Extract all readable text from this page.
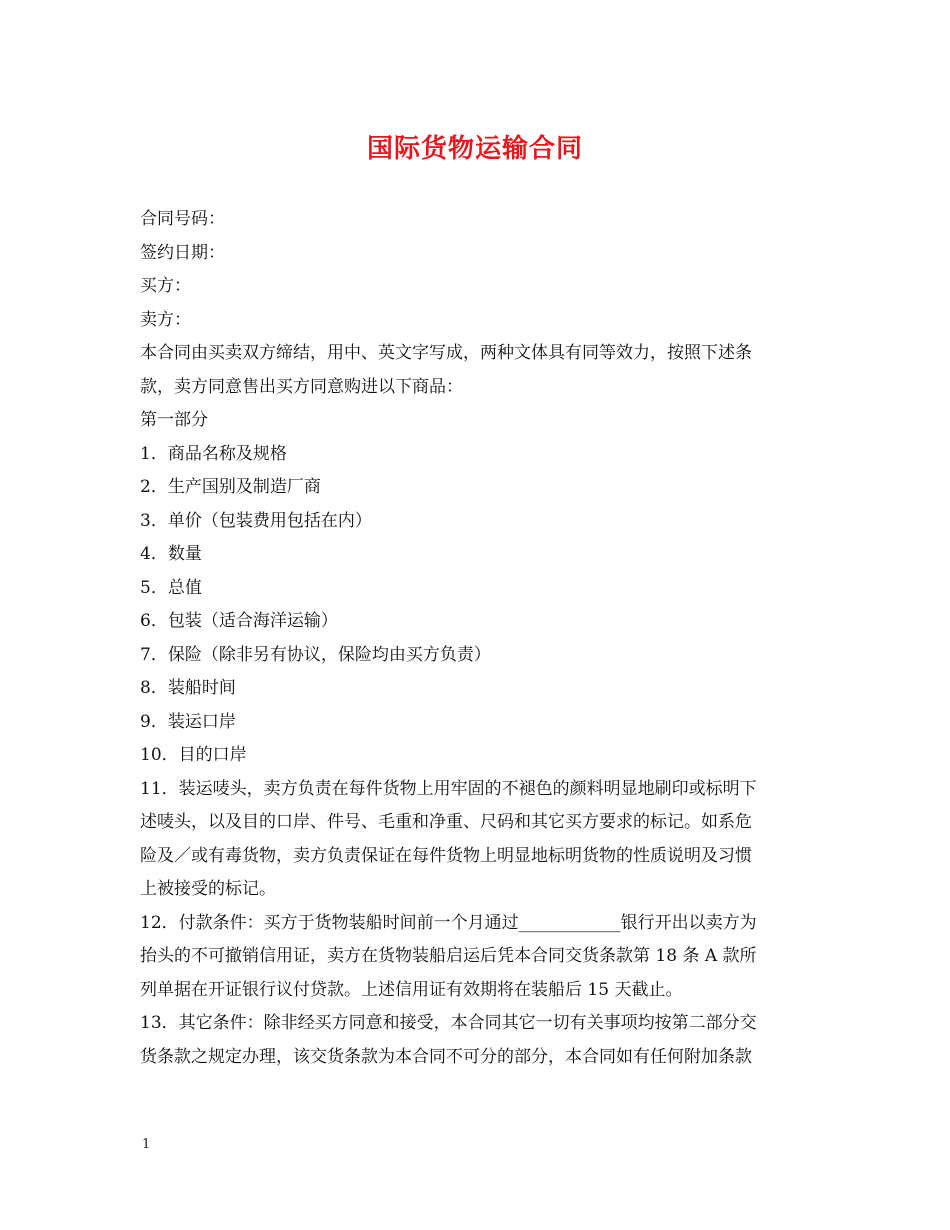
国际货物运输合同
合同号码：
签约日期：
买方：
卖方：
本合同由买卖双方缔结，用中、英文字写成，两种文体具有同等效力，按照下述条
款，卖方同意售出买方同意购进以下商品：
第一部分
1．商品名称及规格
2．生产国别及制造厂商
3．单价（包装费用包括在内）
4．数量
5．总值
6．包装（适合海洋运输）
7．保险（除非另有协议，保险均由买方负责）
8．装船时间
9．装运口岸
10．目的口岸
11．装运唛头，卖方负责在每件货物上用牢固的不褪色的颜料明显地刷印或标明下
述唛头，以及目的口岸、件号、毛重和净重、尺码和其它买方要求的标记。如系危
险及／或有毒货物，卖方负责保证在每件货物上明显地标明货物的性质说明及习惯
上被接受的标记。
12．付款条件：买方于货物装船时间前一个月通过____________银行开出以卖方为
抬头的不可撤销信用证，卖方在货物装船启运后凭本合同交货条款第 18 条 A 款所
列单据在开证银行议付贷款。上述信用证有效期将在装船后 15 天截止。
13．其它条件：除非经买方同意和接受，本合同其它一切有关事项均按第二部分交
货条款之规定办理，该交货条款为本合同不可分的部分，本合同如有任何附加条款
1
